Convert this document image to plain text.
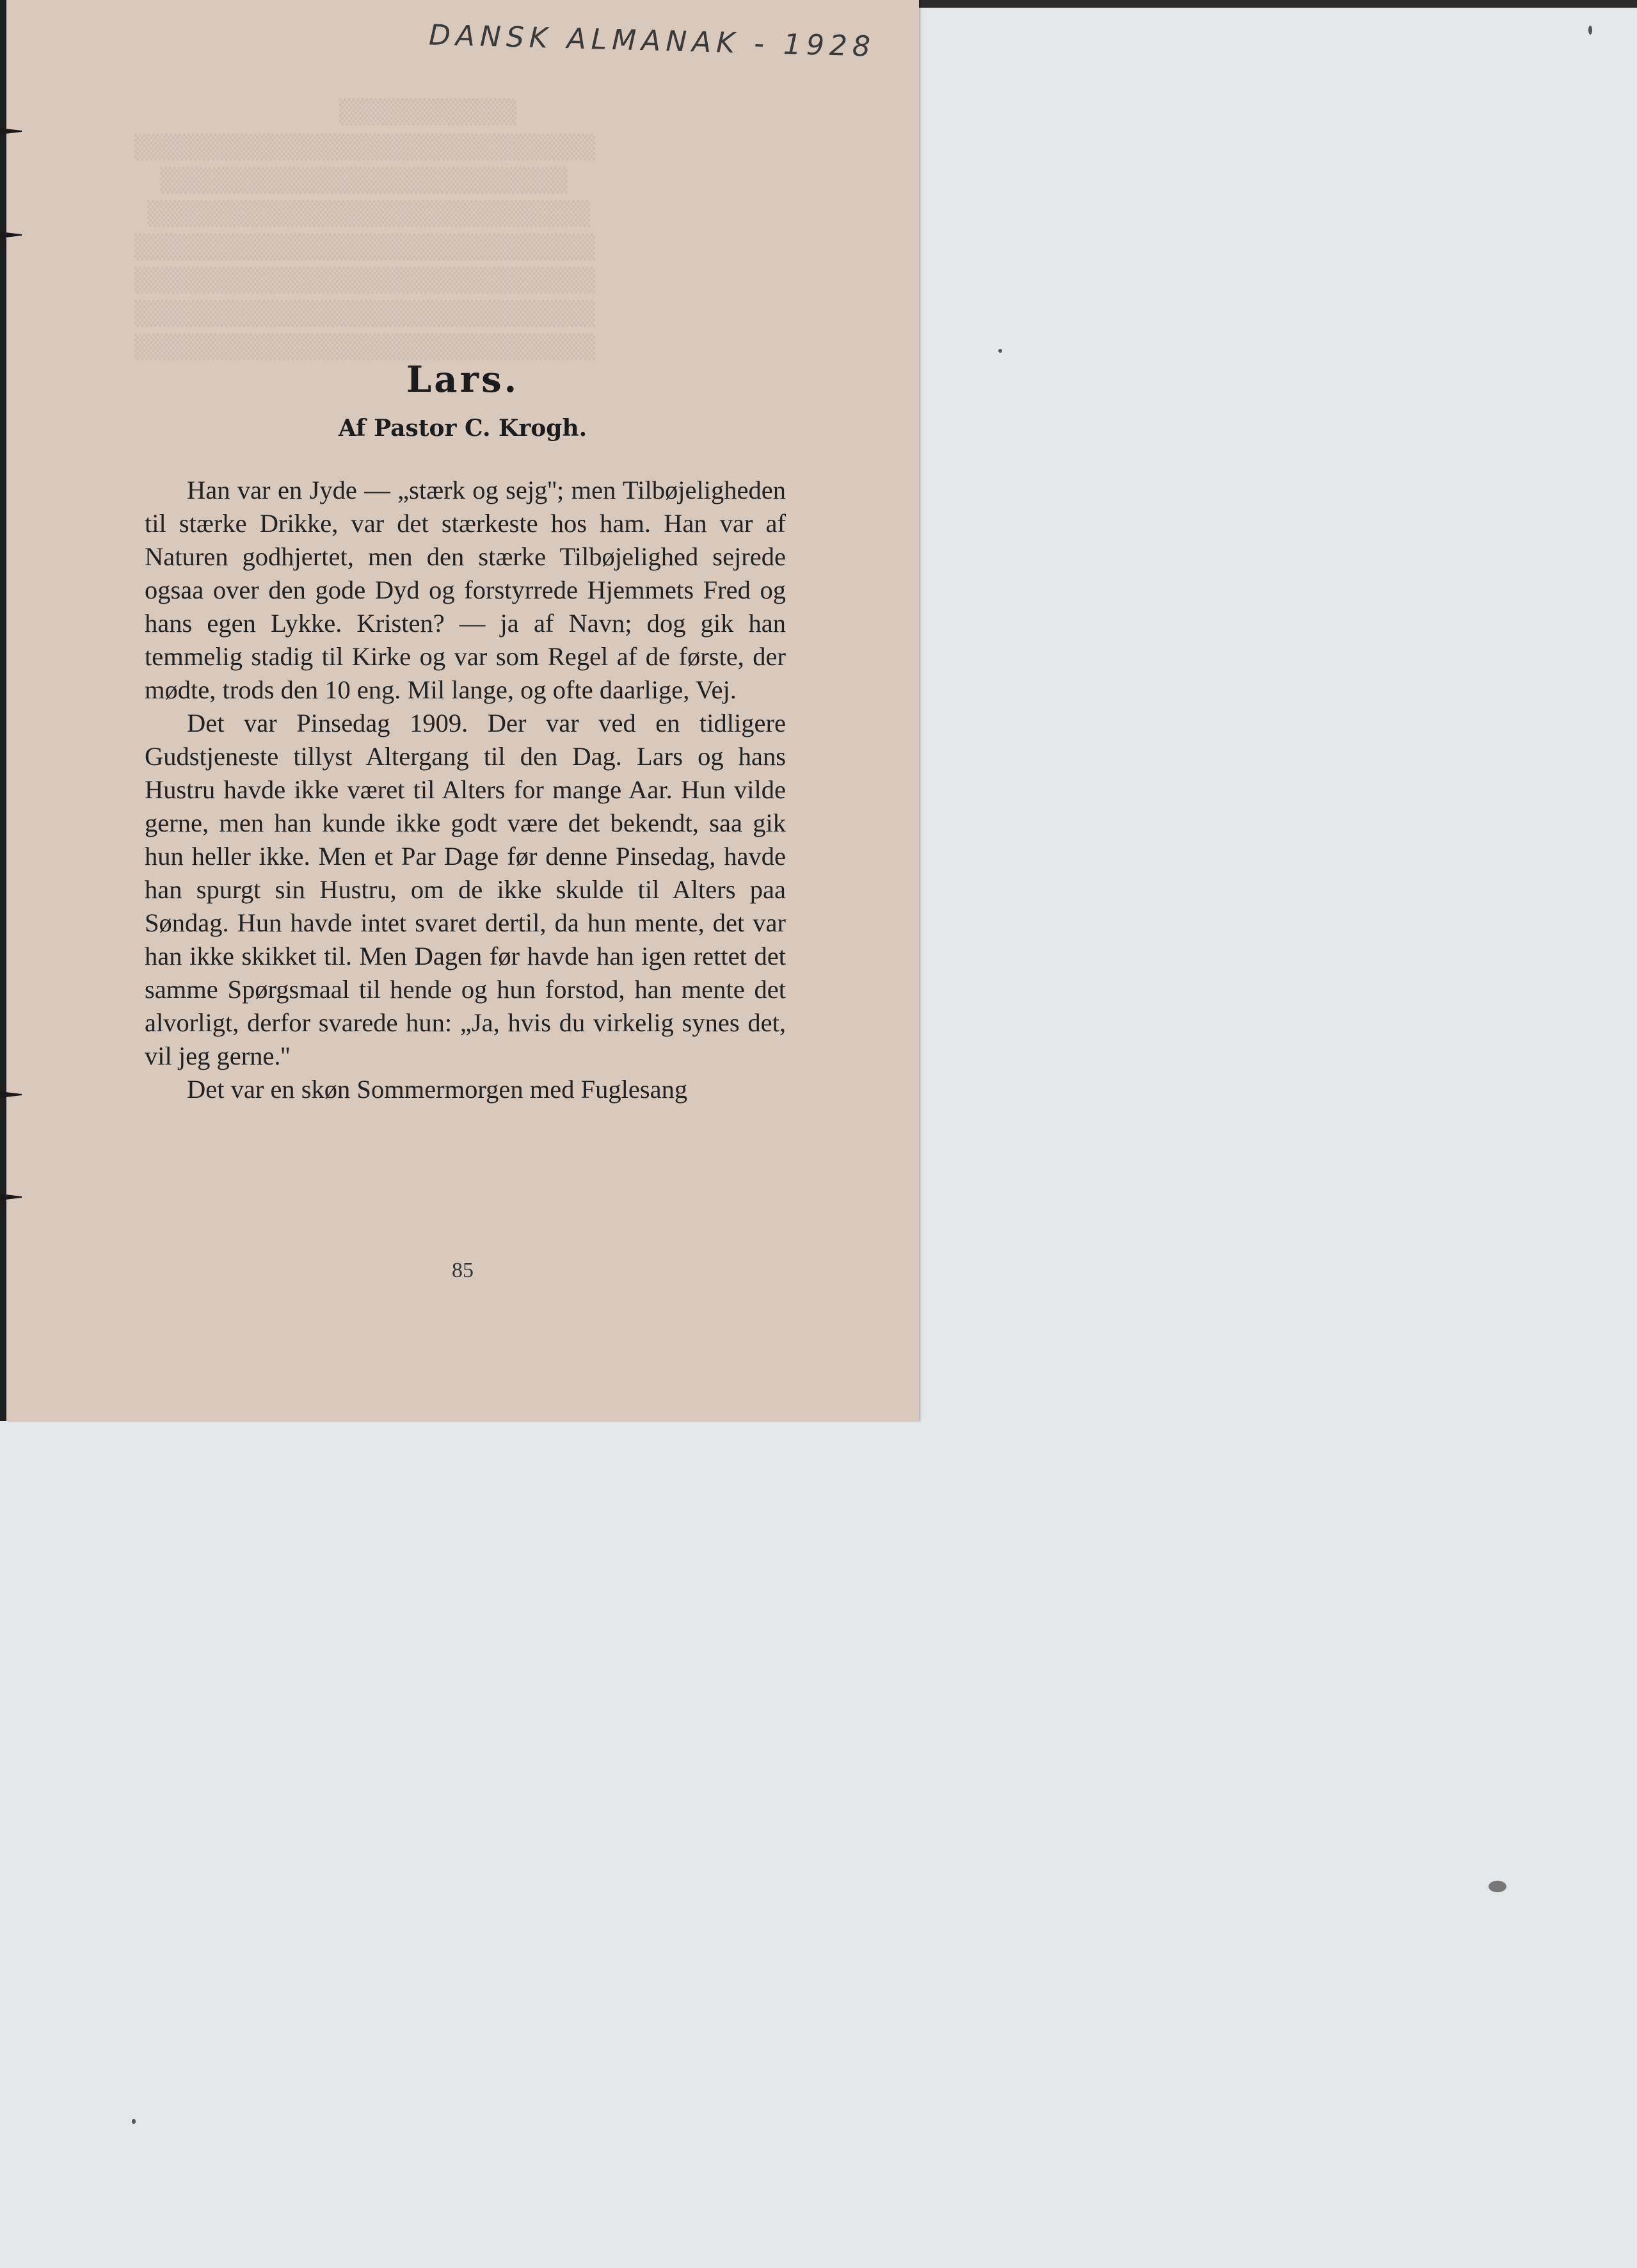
▒▒▒▒▒▒▒▒▒▒
▒▒▒▒▒▒▒▒▒▒▒▒▒▒▒▒▒▒▒▒▒▒▒▒▒▒
▒▒▒▒▒▒▒▒▒▒▒▒▒▒▒▒▒▒▒▒▒▒▒
▒▒▒▒▒▒▒▒▒▒▒▒▒▒▒▒▒▒▒▒▒▒▒▒▒
▒▒▒▒▒▒▒▒▒▒▒▒▒▒▒▒▒▒▒▒▒▒▒▒▒▒
▒▒▒▒▒▒▒▒▒▒▒▒▒▒▒▒▒▒▒▒▒▒▒▒▒▒
▒▒▒▒▒▒▒▒▒▒▒▒▒▒▒▒▒▒▒▒▒▒▒▒▒▒
▒▒▒▒▒▒▒▒▒▒▒▒▒▒▒▒▒▒▒▒▒▒▒▒▒▒
DANSK ALMANAK - 1928
Lars.
Af Pastor C. Krogh.

Han var en Jyde — „stærk og sejg''; men Tilbøjeligheden til stærke Drikke, var det stærkeste hos ham. Han var af Naturen godhjertet, men den stærke Tilbøjelighed sejrede ogsaa over den gode Dyd og forstyrrede Hjemmets Fred og hans egen Lykke. Kristen? — ja af Navn; dog gik han temmelig stadig til Kirke og var som Regel af de første, der mødte, trods den 10 eng. Mil lange, og ofte daarlige, Vej.

Det var Pinsedag 1909. Der var ved en tidligere Gudstjeneste tillyst Altergang til den Dag. Lars og hans Hustru havde ikke været til Alters for mange Aar. Hun vilde gerne, men han kunde ikke godt være det bekendt, saa gik hun heller ikke. Men et Par Dage før denne Pinsedag, havde han spurgt sin Hustru, om de ikke skulde til Alters paa Søndag. Hun havde intet svaret dertil, da hun mente, det var han ikke skikket til. Men Dagen før havde han igen rettet det samme Spørgsmaal til hende og hun forstod, han mente det alvorligt, derfor svarede hun: „Ja, hvis du virkelig synes det, vil jeg gerne.''

Det var en skøn Sommermorgen med Fuglesang

85
